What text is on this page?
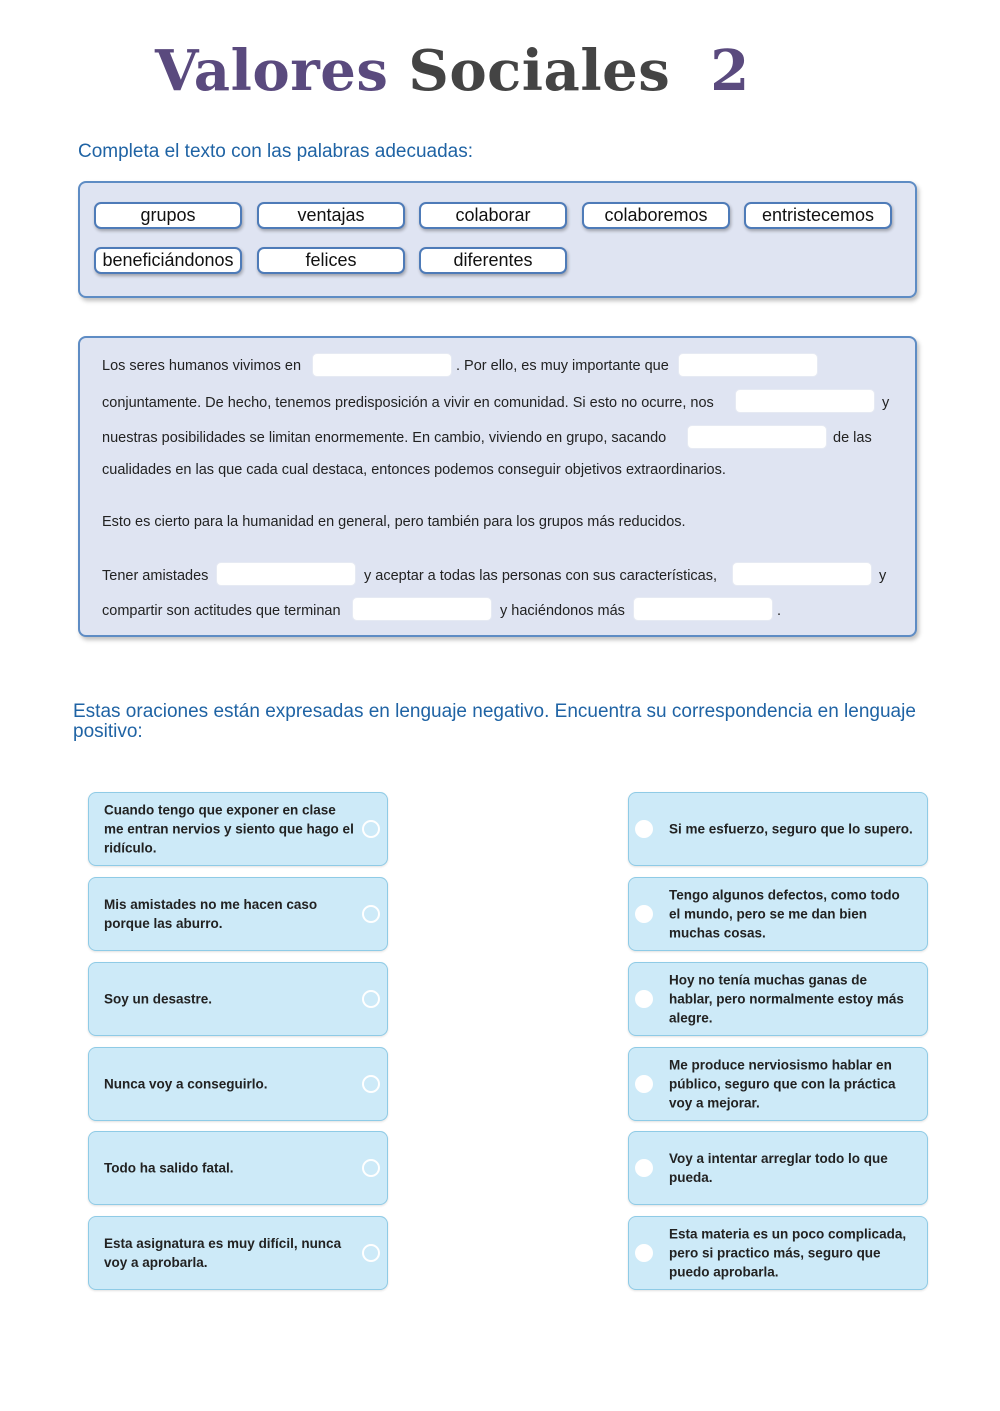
Valores Sociales 2
Completa el texto con las palabras adecuadas:
grupos	ventajas	colaborar	colaboremos	entristecemos
beneficiándonos	felices	diferentes
Los seres humanos vivimos en	. Por ello, es muy importante que
conjuntamente. De hecho, tenemos predisposición a vivir en comunidad. Si esto no ocurre, nos	y
nuestras posibilidades se limitan enormemente. En cambio, viviendo en grupo, sacando	de las
cualidades en las que cada cual destaca, entonces podemos conseguir objetivos extraordinarios.
Esto es cierto para la humanidad en general, pero también para los grupos más reducidos.
Tener amistades	y aceptar a todas las personas con sus características,	y
compartir son actitudes que terminan	y haciéndonos más	.
Estas oraciones están expresadas en lenguaje negativo. Encuentra su correspondencia en lenguaje positivo:
Cuando tengo que exponer en clase me entran nervios y siento que hago el ridículo.
Mis amistades no me hacen caso porque las aburro.
Soy un desastre.
Nunca voy a conseguirlo.
Todo ha salido fatal.
Esta asignatura es muy difícil, nunca voy a aprobarla.
Si me esfuerzo, seguro que lo supero.
Tengo algunos defectos, como todo el mundo, pero se me dan bien muchas cosas.
Hoy no tenía muchas ganas de hablar, pero normalmente estoy más alegre.
Me produce nerviosismo hablar en público, seguro que con la práctica voy a mejorar.
Voy a intentar arreglar todo lo que pueda.
Esta materia es un poco complicada, pero si practico más, seguro que puedo aprobarla.
